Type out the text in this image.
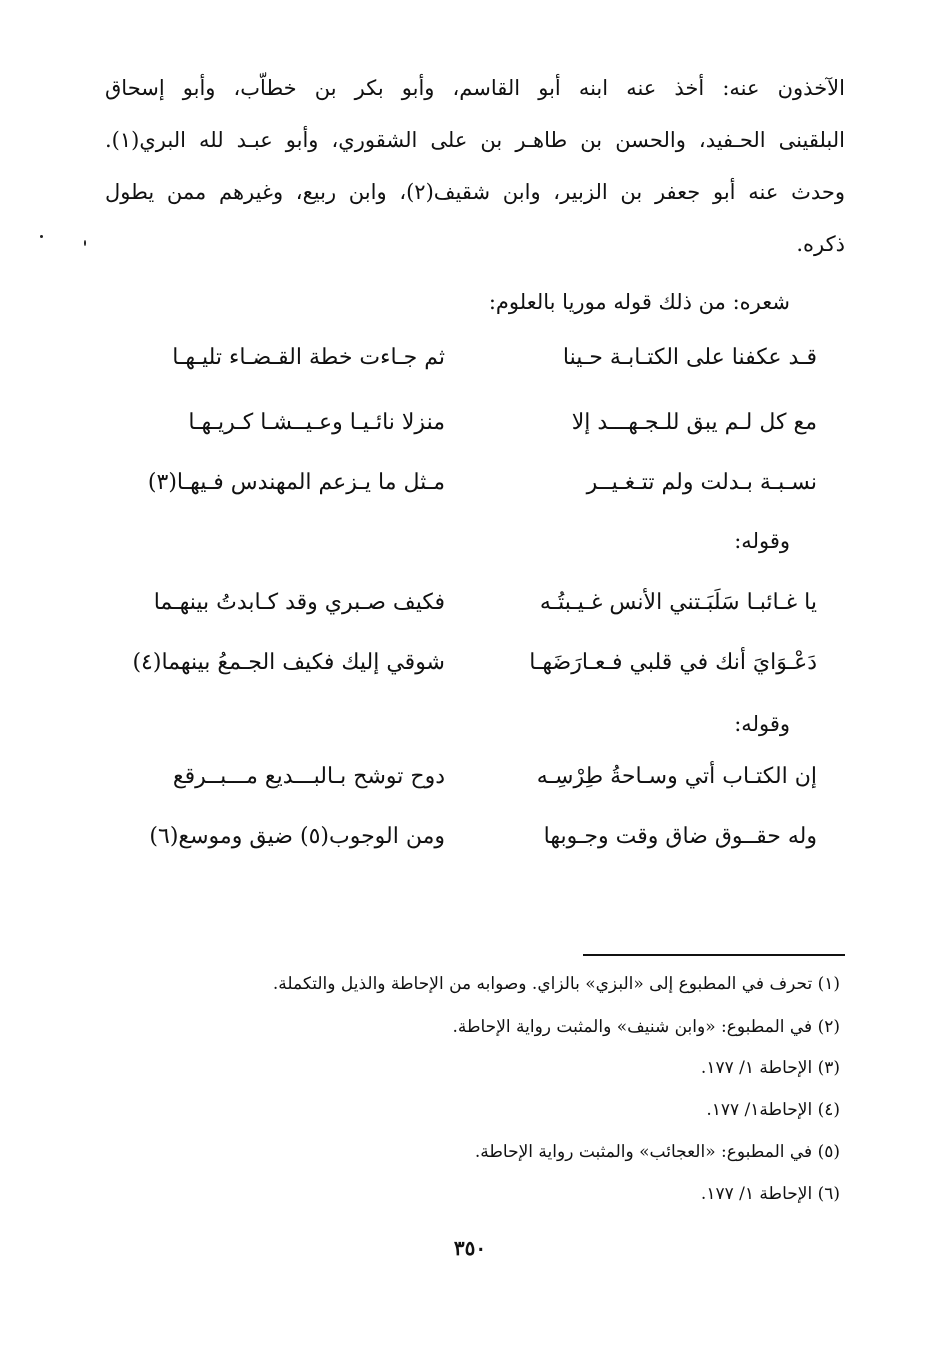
الآخذون عنه: أخذ عنه ابنه أبو القاسم، وأبو بكر بن خطاّب، وأبو إسحاق
البلقينى الحـفيد، والحسن بن طاهـر بن على الشقوري، وأبو عبـد لله البري(١).
وحدث عنه أبو جعفر بن الزبير، وابن شقيف(٢)، وابن ربيع، وغيرهم ممن يطول
ذكره.
شعره: من ذلك قوله موريا بالعلوم:
قـد عكفنا على الكتـابـة حـينا
ثم جـاءت خطة القـضـاء تليـهـا
مع كل لـم يبق للـجـهـــد إلا
منزلا نائـيـا وعـيــشـا كـريـهـا
نسـبـة بـدلت ولم تتـغـيــر
مـثل ما يـزعم المهندس فـيهـا(٣)
وقوله:
يا غـائبـا سَلَبَـتني الأنس غـيـبتُـه
فكيف صـبري وقد كـابدتُ بينهـما
دَعْـوَايَ أنك في قلبي فـعـارَضَهـا
شوقي إليك فكيف الجـمعُ بينهما(٤)
وقوله:
إن الكتـاب أتي وسـاحةُ طِرْسِـه
دوح توشح بـالبـــديع مـــبــرقع
وله حقــوق ضاق وقت وجـوبها
ومن الوجوب(٥) ضيق وموسع(٦)
(١) تحرف في المطبوع إلى «البزي» بالزاي. وصوابه من الإحاطة والذيل والتكملة.
(٢) في المطبوع: «وابن شنيف» والمثبت رواية الإحاطة.
(٣) الإحاطة ١/ ١٧٧.
(٤) الإحاطة١/ ١٧٧.
(٥) في المطبوع: «العجائب» والمثبت رواية الإحاطة.
(٦) الإحاطة ١/ ١٧٧.
٣٥٠
